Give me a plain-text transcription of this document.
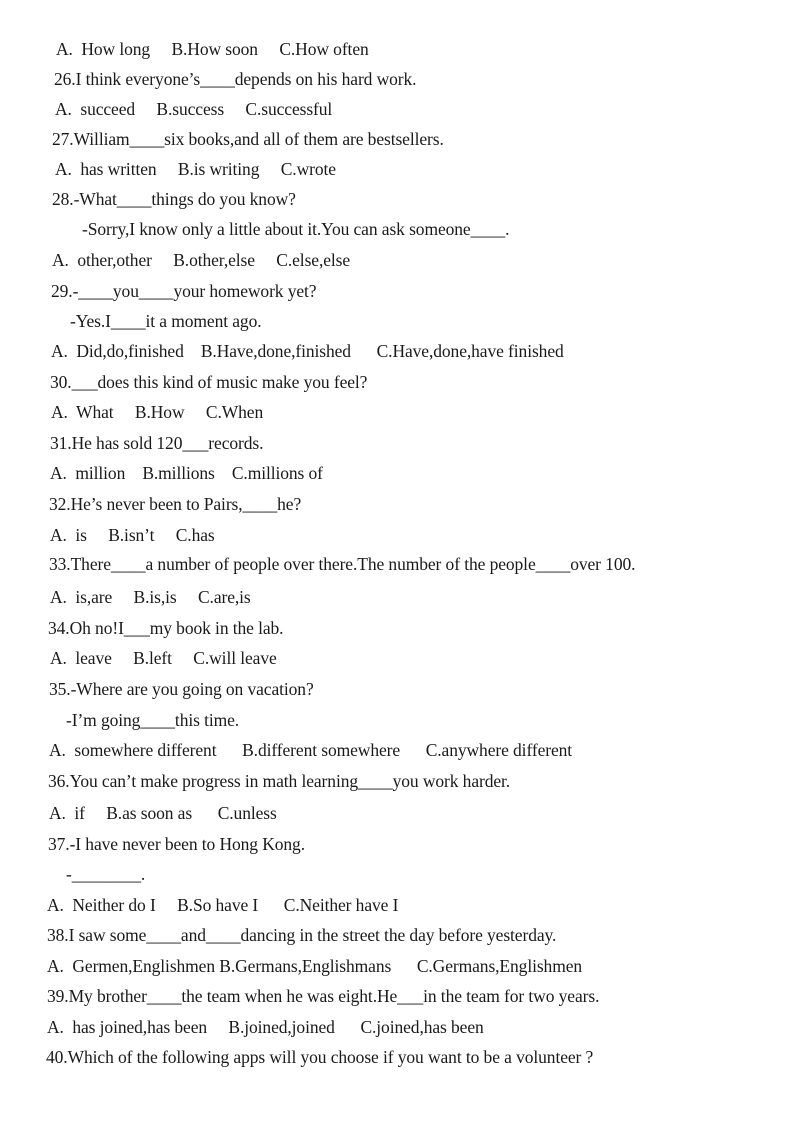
A.  How long     B.How soon     C.How often
26.I think everyone’s____depends on his hard work.
A.  succeed     B.success     C.successful
27.William____six books,and all of them are bestsellers.
A.  has written     B.is writing     C.wrote
28.-What____things do you know?
-Sorry,I know only a little about it.You can ask someone____.
A.  other,other     B.other,else     C.else,else
29.-____you____your homework yet?
-Yes.I____it a moment ago.
A.  Did,do,finished    B.Have,done,finished      C.Have,done,have finished
30.___does this kind of music make you feel?
A.  What     B.How     C.When
31.He has sold 120___records.
A.  million    B.millions    C.millions of
32.He’s never been to Pairs,____he?
A.  is     B.isn’t     C.has
33.There____a number of people over there.The number of the people____over 100.
A.  is,are     B.is,is     C.are,is
34.Oh no!I___my book in the lab.
A.  leave     B.left     C.will leave
35.-Where are you going on vacation?
-I’m going____this time.
A.  somewhere different      B.different somewhere      C.anywhere different
36.You can’t make progress in math learning____you work harder.
A.  if     B.as soon as      C.unless
37.-I have never been to Hong Kong.
-________.
A.  Neither do I     B.So have I      C.Neither have I
38.I saw some____and____dancing in the street the day before yesterday.
A.  Germen,Englishmen B.Germans,Englishmans      C.Germans,Englishmen
39.My brother____the team when he was eight.He___in the team for two years.
A.  has joined,has been     B.joined,joined      C.joined,has been
40.Which of the following apps will you choose if you want to be a volunteer ?
